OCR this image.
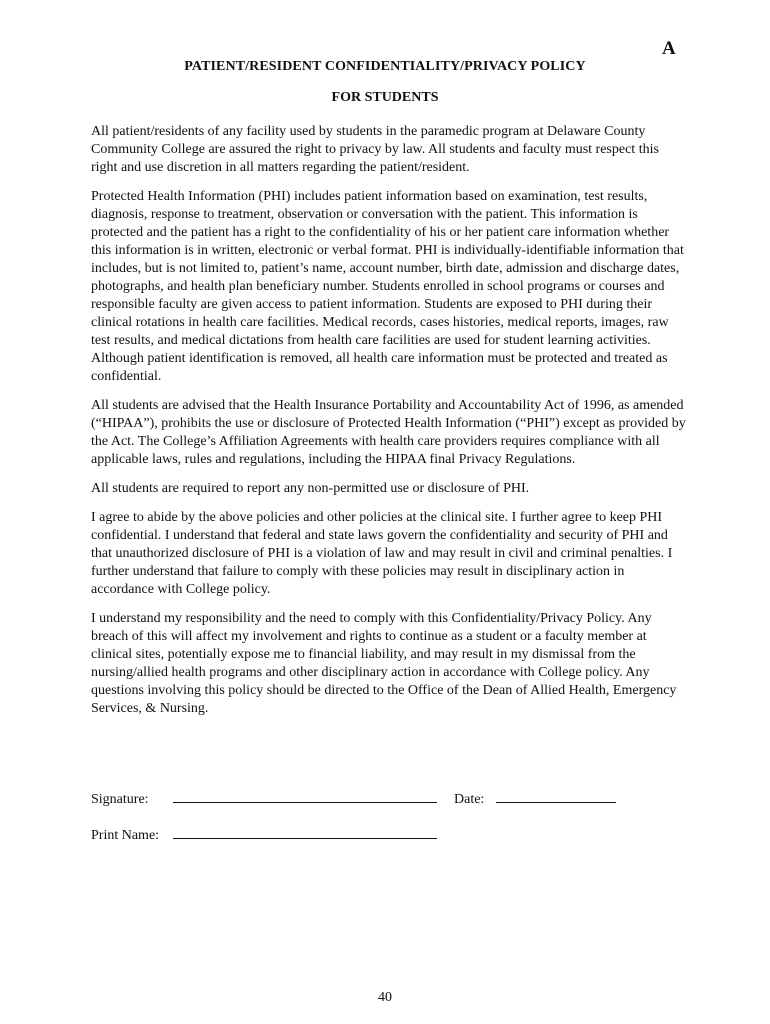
A
PATIENT/RESIDENT CONFIDENTIALITY/PRIVACY POLICY
FOR STUDENTS

All patient/residents of any facility used by students in the paramedic program at Delaware County Community College are assured the right to privacy by law. All students and faculty must respect this right and use discretion in all matters regarding the patient/resident.

Protected Health Information (PHI) includes patient information based on examination, test results, diagnosis, response to treatment, observation or conversation with the patient. This information is protected and the patient has a right to the confidentiality of his or her patient care information whether this information is in written, electronic or verbal format. PHI is individually-identifiable information that includes, but is not limited to, patient’s name, account number, birth date, admission and discharge dates, photographs, and health plan beneficiary number. Students enrolled in school programs or courses and responsible faculty are given access to patient information. Students are exposed to PHI during their clinical rotations in health care facilities. Medical records, cases histories, medical reports, images, raw test results, and medical dictations from health care facilities are used for student learning activities. Although patient identification is removed, all health care information must be protected and treated as confidential.

All students are advised that the Health Insurance Portability and Accountability Act of 1996, as amended (“HIPAA”), prohibits the use or disclosure of Protected Health Information (“PHI”) except as provided by the Act. The College’s Affiliation Agreements with health care providers requires compliance with all applicable laws, rules and regulations, including the HIPAA final Privacy Regulations.

All students are required to report any non-permitted use or disclosure of PHI.

I agree to abide by the above policies and other policies at the clinical site. I further agree to keep PHI confidential. I understand that federal and state laws govern the confidentiality and security of PHI and that unauthorized disclosure of PHI is a violation of law and may result in civil and criminal penalties. I further understand that failure to comply with these policies may result in disciplinary action in accordance with College policy.

I understand my responsibility and the need to comply with this Confidentiality/Privacy Policy. Any breach of this will affect my involvement and rights to continue as a student or a faculty member at clinical sites, potentially expose me to financial liability, and may result in my dismissal from the nursing/allied health programs and other disciplinary action in accordance with College policy. Any questions involving this policy should be directed to the Office of the Dean of Allied Health, Emergency Services, & Nursing.

Signature:	Date:
Print Name:
40
